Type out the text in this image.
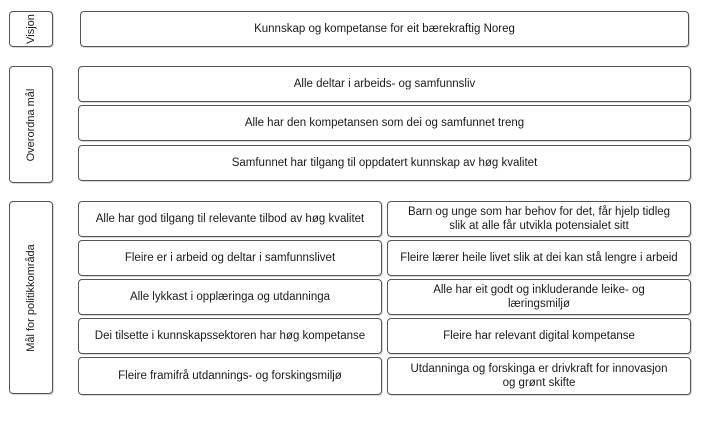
Visjon	Kunnskap og kompetanse for eit bærekraftig Noreg
Overordna mål
Alle deltar i arbeids- og samfunnsliv
Alle har den kompetansen som dei og samfunnet treng
Samfunnet har tilgang til oppdatert kunnskap av høg kvalitet
Mål for politikkområda
Alle har god tilgang til relevante tilbod av høg kvalitet
Fleire er i arbeid og deltar i samfunnslivet
Alle lykkast i opplæringa og utdanninga
Dei tilsette i kunnskapssektoren har høg kompetanse
Fleire framifrå utdannings- og forskingsmiljø
Barn og unge som har behov for det, får hjelp tidleg slik at alle får utvikla potensialet sitt
Fleire lærer heile livet slik at dei kan stå lengre i arbeid
Alle har eit godt og inkluderande leike- og læringsmiljø
Fleire har relevant digital kompetanse
Utdanninga og forskinga er drivkraft for innovasjon og grønt skifte
